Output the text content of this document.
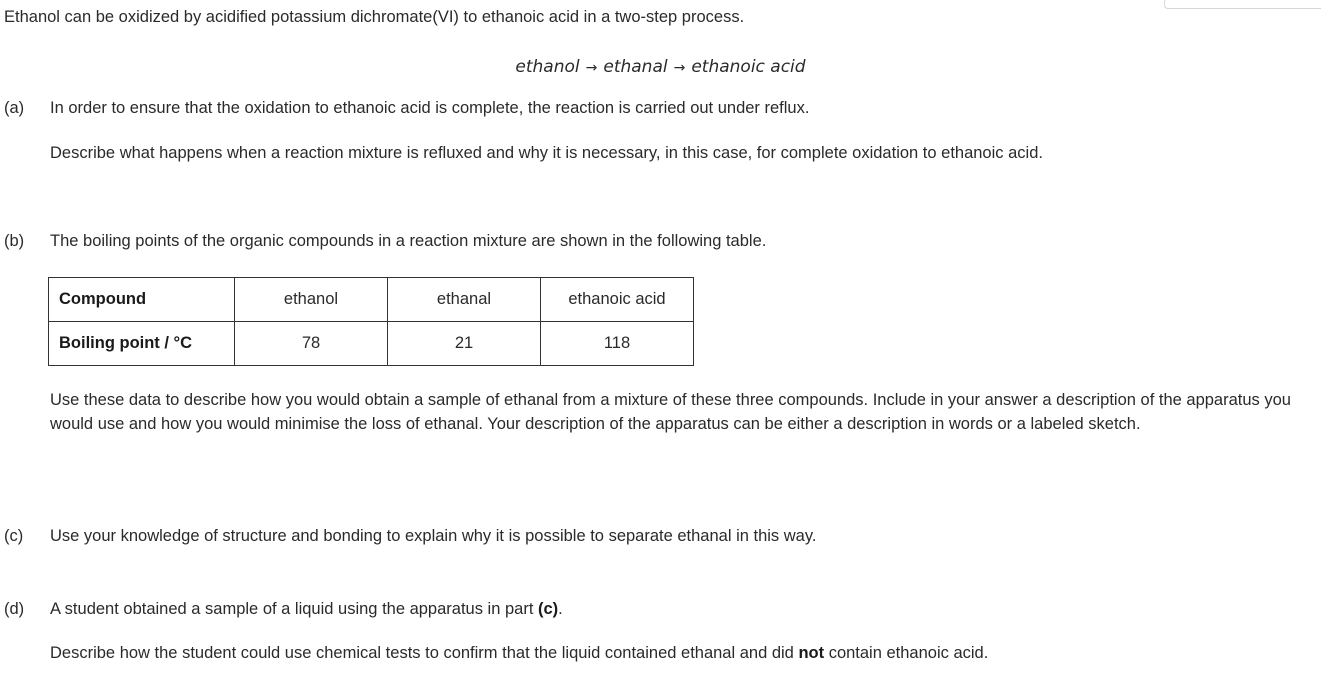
Ethanol can be oxidized by acidified potassium dichromate(VI) to ethanoic acid in a two-step process.
ethanol → ethanal → ethanoic acid
(a) In order to ensure that the oxidation to ethanoic acid is complete, the reaction is carried out under reflux.
Describe what happens when a reaction mixture is refluxed and why it is necessary, in this case, for complete oxidation to ethanoic acid.
(b) The boiling points of the organic compounds in a reaction mixture are shown in the following table.
Compound	ethanol	ethanal	ethanoic acid
Boiling point / °C	78	21	118
Use these data to describe how you would obtain a sample of ethanal from a mixture of these three compounds. Include in your answer a description of the apparatus you would use and how you would minimise the loss of ethanal. Your description of the apparatus can be either a description in words or a labeled sketch.
(c) Use your knowledge of structure and bonding to explain why it is possible to separate ethanal in this way.
(d) A student obtained a sample of a liquid using the apparatus in part (c).
Describe how the student could use chemical tests to confirm that the liquid contained ethanal and did not contain ethanoic acid.
